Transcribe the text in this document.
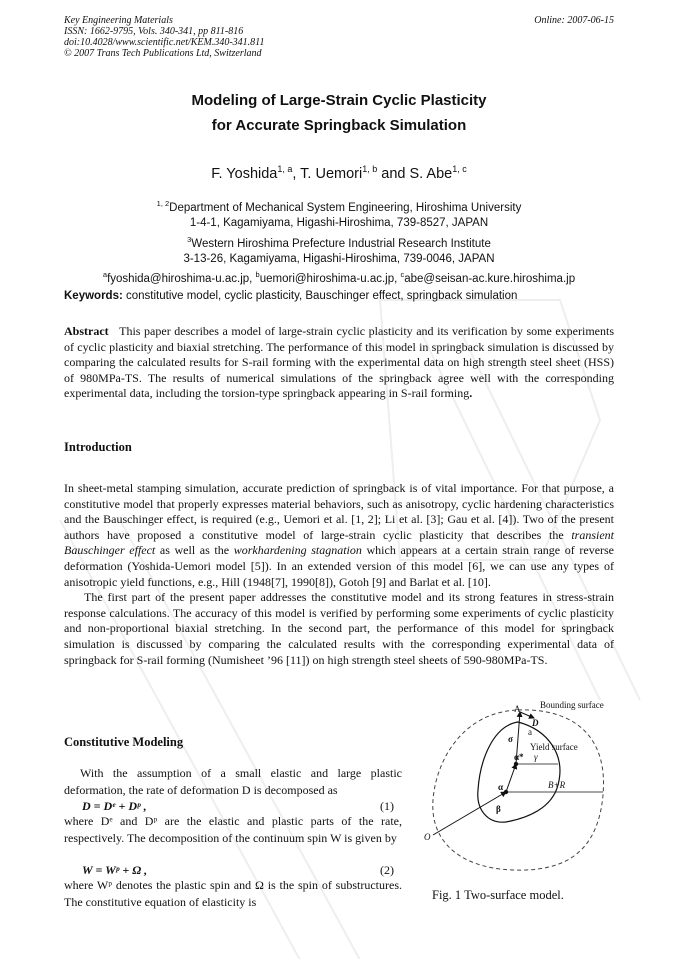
Key Engineering Materials
ISSN: 1662-9795, Vols. 340-341, pp 811-816
doi:10.4028/www.scientific.net/KEM.340-341.811
© 2007 Trans Tech Publications Ltd, Switzerland
Online: 2007-06-15
Modeling of Large-Strain Cyclic Plasticity
for Accurate Springback Simulation
F. Yoshida$^{1, a}$, T. Uemori$^{1, b}$ and S. Abe$^{1, c}$
$^{1, 2}$Department of Mechanical System Engineering, Hiroshima University
1-4-1, Kagamiyama, Higashi-Hiroshima, 739-8527, JAPAN
$^3$Western Hiroshima Prefecture Industrial Research Institute
3-13-26, Kagamiyama, Higashi-Hiroshima, 739-0046, JAPAN
$^a$fyoshida@hiroshima-u.ac.jp, $^b$uemori@hiroshima-u.ac.jp, $^c$abe@seisan-ac.kure.hiroshima.jp
Keywords: constitutive model, cyclic plasticity, Bauschinger effect, springback simulation
Abstract This paper describes a model of large-strain cyclic plasticity and its verification by some experiments of cyclic plasticity and biaxial stretching. The performance of this model in springback simulation is discussed by comparing the calculated results for S-rail forming with the experimental data on high strength steel sheet (HSS) of 980MPa-TS. The results of numerical simulations of the springback agree well with the corresponding experimental data, including the torsion-type springback appearing in S-rail forming.
Introduction
In sheet-metal stamping simulation, accurate prediction of springback is of vital importance. For that purpose, a constitutive model that properly expresses material behaviors, such as anisotropy, cyclic hardening characteristics and the Bauschinger effect, is required (e.g., Uemori et al. [1, 2]; Li et al. [3]; Gau et al. [4]). Two of the present authors have proposed a constitutive model of large-strain cyclic plasticity that describes the transient Bauschinger effect as well as the workhardening stagnation which appears at a certain strain range of reverse deformation (Yoshida-Uemori model [5]). In an extended version of this model [6], we can use any types of anisotropic yield functions, e.g., Hill (1948[7], 1990[8]), Gotoh [9] and Barlat et al. [10].
The first part of the present paper addresses the constitutive model and its strong features in stress-strain response calculations. The accuracy of this model is verified by performing some experiments of cyclic plasticity and non-proportional biaxial stretching. In the second part, the performance of this model for springback simulation is discussed by comparing the calculated results with the corresponding experimental data of springback for S-rail forming (Numisheet ’96 [11]) on high strength steel sheets of 590-980MPa-TS.
Constitutive Modeling
With the assumption of a small elastic and large plastic deformation, the rate of deformation D is decomposed as
D = Dᵉ + Dᵖ ,	(1)
where Dᵉ and Dᵖ are the elastic and plastic parts of the rate, respectively. The decomposition of the continuum spin W is given by
W = Wᵖ + Ω ,	(2)
where Wᵖ denotes the plastic spin and Ω is the spin of substructures. The constitutive equation of elasticity is
Bounding surface
Yield surface
A
a
D
σ
α*
α
β
γ
B+R
O
Fig. 1 Two-surface model.
